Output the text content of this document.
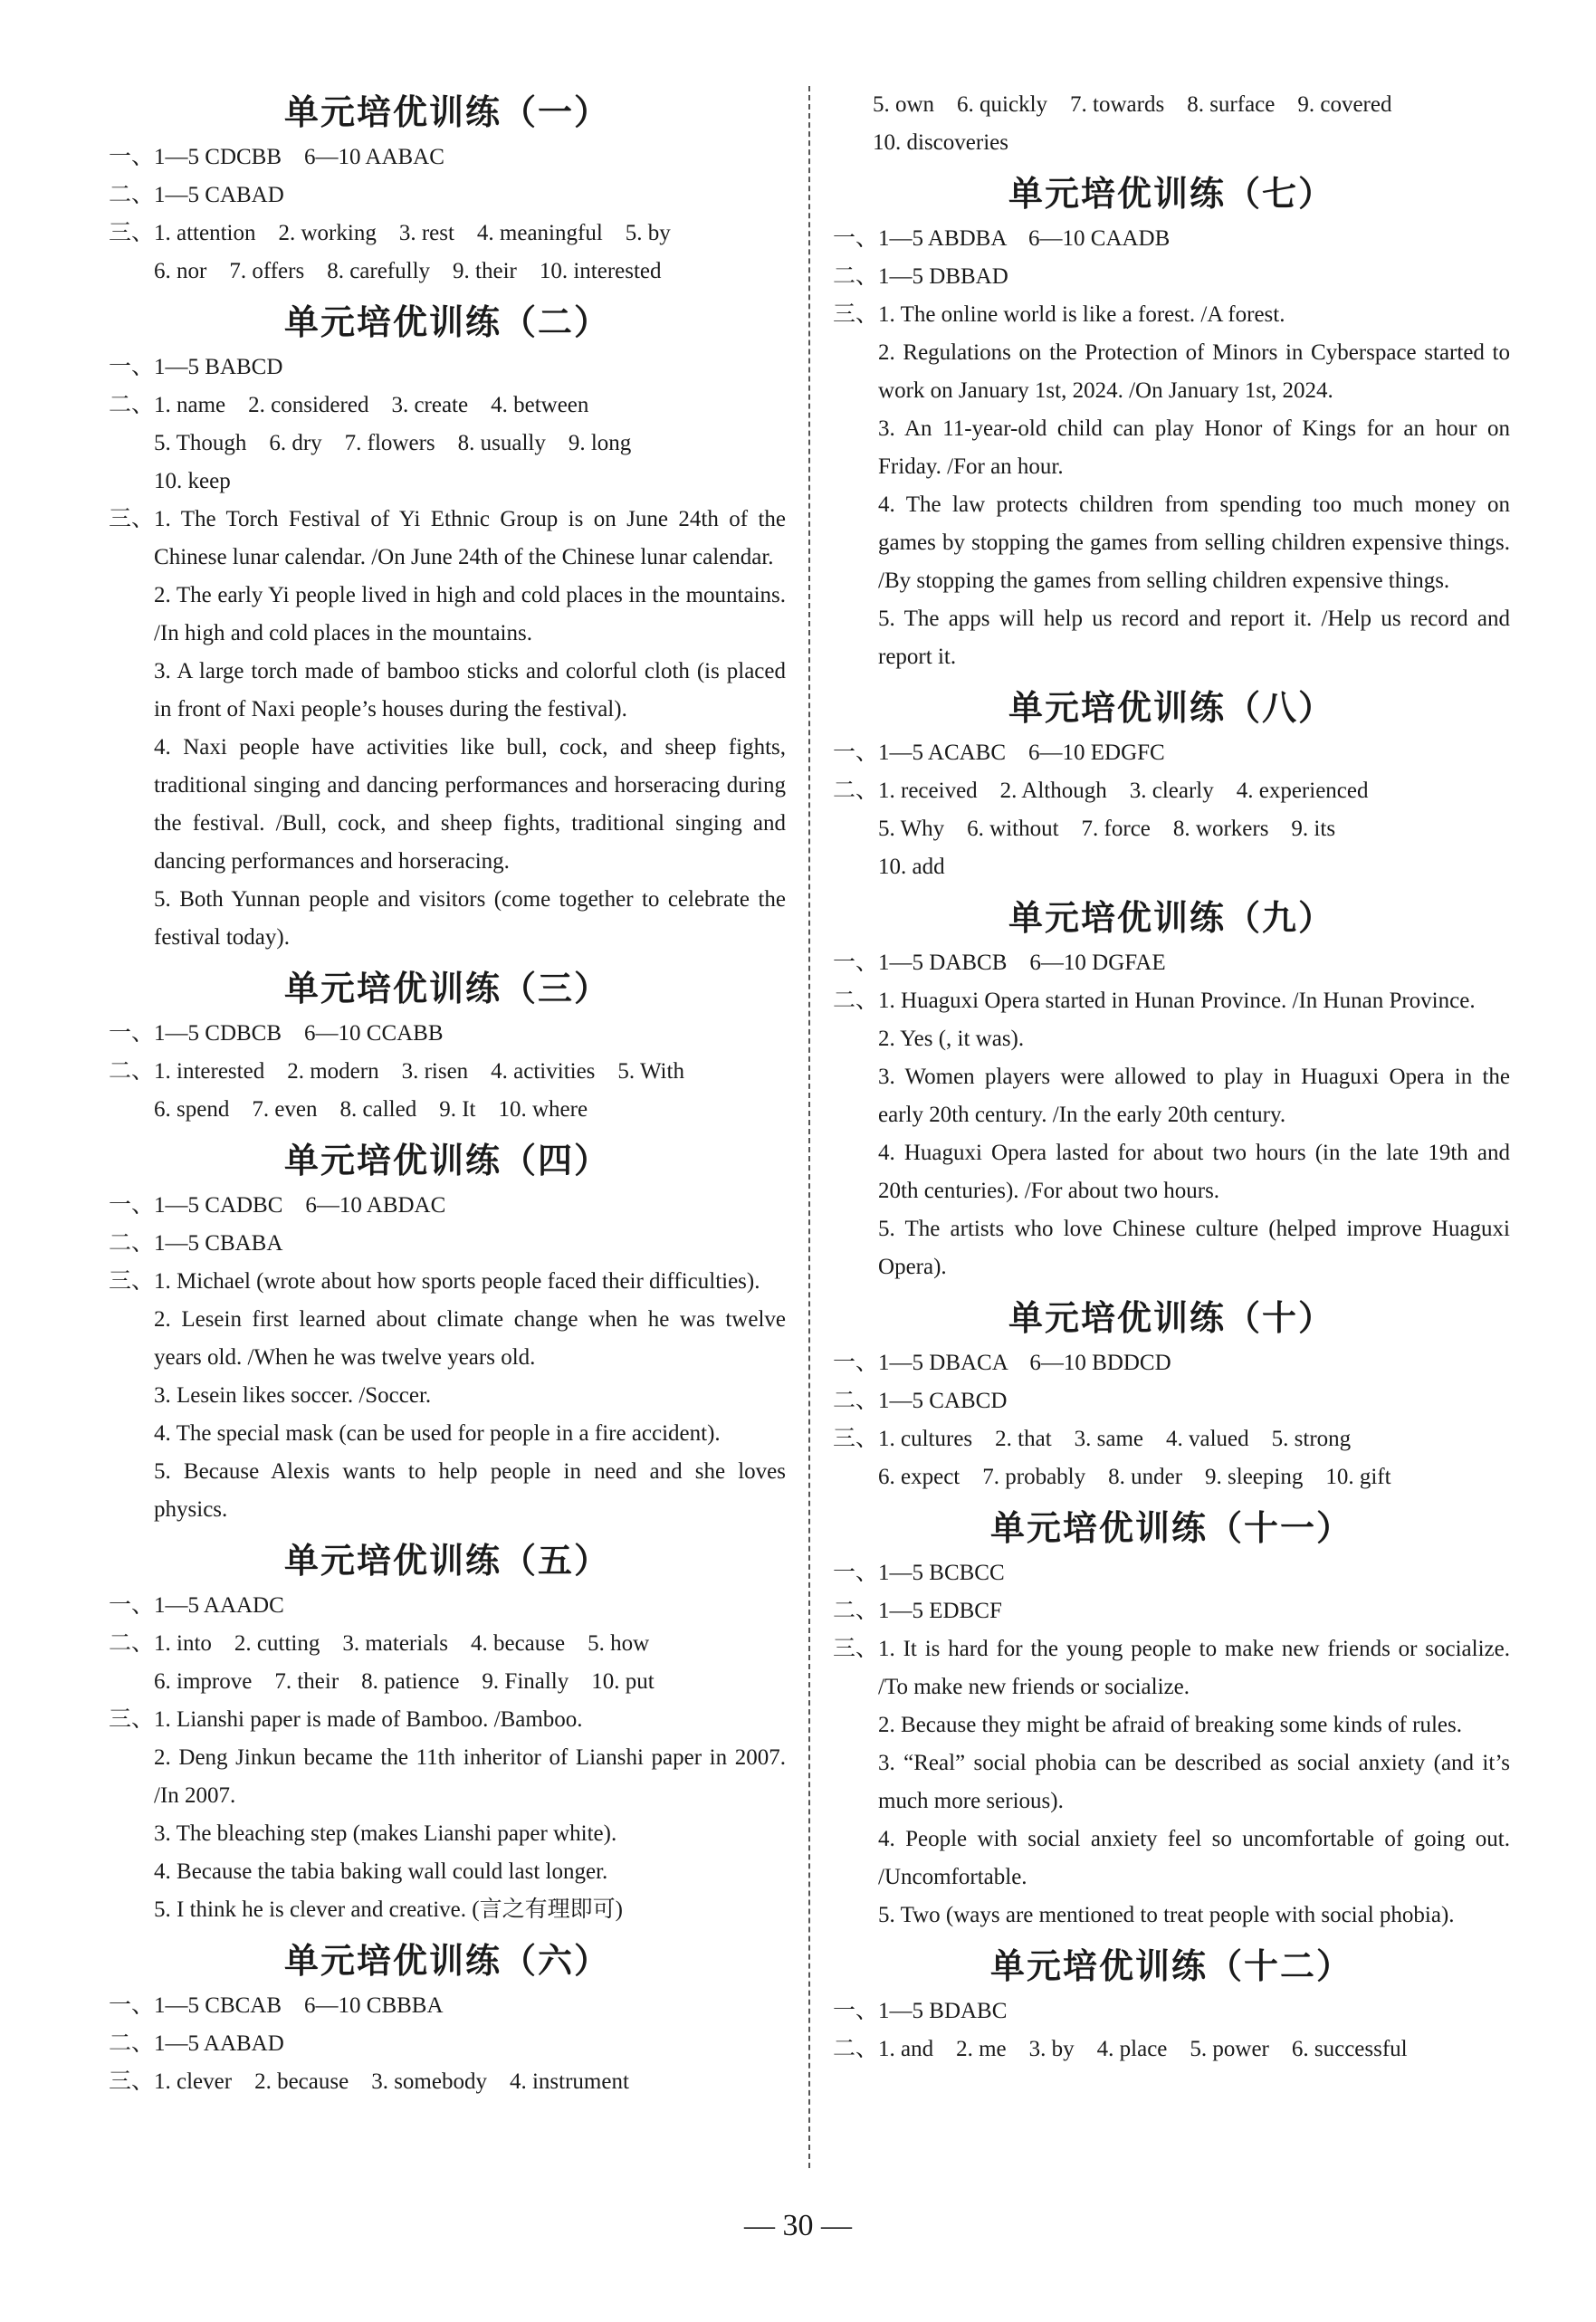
单元培优训练（一）
一、 1—5 CDCBB　6—10 AABAC
二、 1—5 CABAD
三、 1. attention　2. working　3. rest　4. meaningful　5. by
6. nor　7. offers　8. carefully　9. their　10. interested
单元培优训练（二）
一、 1—5 BABCD
二、 1. name　2. considered　3. create　4. between
5. Though　6. dry　7. flowers　8. usually　9. long
10. keep
三、 1. The Torch Festival of Yi Ethnic Group is on June 24th of the Chinese lunar calendar. /On June 24th of the Chinese lunar calendar.
2. The early Yi people lived in high and cold places in the mountains. /In high and cold places in the mountains.
3. A large torch made of bamboo sticks and colorful cloth (is placed in front of Naxi people’s houses during the festival).
4. Naxi people have activities like bull, cock, and sheep fights, traditional singing and dancing performances and horseracing during the festival. /Bull, cock, and sheep fights, traditional singing and dancing performances and horseracing.
5. Both Yunnan people and visitors (come together to celebrate the festival today).
单元培优训练（三）
一、 1—5 CDBCB　6—10 CCABB
二、 1. interested　2. modern　3. risen　4. activities　5. With
6. spend　7. even　8. called　9. It　10. where
单元培优训练（四）
一、 1—5 CADBC　6—10 ABDAC
二、 1—5 CBABA
三、 1. Michael (wrote about how sports people faced their difficulties).
2. Lesein first learned about climate change when he was twelve years old. /When he was twelve years old.
3. Lesein likes soccer. /Soccer.
4. The special mask (can be used for people in a fire accident).
5. Because Alexis wants to help people in need and she loves physics.
单元培优训练（五）
一、 1—5 AAADC
二、 1. into　2. cutting　3. materials　4. because　5. how
6. improve　7. their　8. patience　9. Finally　10. put
三、 1. Lianshi paper is made of Bamboo. /Bamboo.
2. Deng Jinkun became the 11th inheritor of Lianshi paper in 2007. /In 2007.
3. The bleaching step (makes Lianshi paper white).
4. Because the tabia baking wall could last longer.
5. I think he is clever and creative. (言之有理即可)
单元培优训练（六）
一、 1—5 CBCAB　6—10 CBBBA
二、 1—5 AABAD
三、 1. clever　2. because　3. somebody　4. instrument
5. own　6. quickly　7. towards　8. surface　9. covered
10. discoveries
单元培优训练（七）
一、 1—5 ABDBA　6—10 CAADB
二、 1—5 DBBAD
三、 1. The online world is like a forest. /A forest.
2. Regulations on the Protection of Minors in Cyberspace started to work on January 1st, 2024. /On January 1st, 2024.
3. An 11-year-old child can play Honor of Kings for an hour on Friday. /For an hour.
4. The law protects children from spending too much money on games by stopping the games from selling children expensive things. /By stopping the games from selling children expensive things.
5. The apps will help us record and report it. /Help us record and report it.
单元培优训练（八）
一、 1—5 ACABC　6—10 EDGFC
二、 1. received　2. Although　3. clearly　4. experienced
5. Why　6. without　7. force　8. workers　9. its
10. add
单元培优训练（九）
一、 1—5 DABCB　6—10 DGFAE
二、 1. Huaguxi Opera started in Hunan Province. /In Hunan Province.
2. Yes (, it was).
3. Women players were allowed to play in Huaguxi Opera in the early 20th century. /In the early 20th century.
4. Huaguxi Opera lasted for about two hours (in the late 19th and 20th centuries). /For about two hours.
5. The artists who love Chinese culture (helped improve Huaguxi Opera).
单元培优训练（十）
一、 1—5 DBACA　6—10 BDDCD
二、 1—5 CABCD
三、 1. cultures　2. that　3. same　4. valued　5. strong
6. expect　7. probably　8. under　9. sleeping　10. gift
单元培优训练（十一）
一、 1—5 BCBCC
二、 1—5 EDBCF
三、 1. It is hard for the young people to make new friends or socialize. /To make new friends or socialize.
2. Because they might be afraid of breaking some kinds of rules.
3. “Real” social phobia can be described as social anxiety (and it’s much more serious).
4. People with social anxiety feel so uncomfortable of going out. /Uncomfortable.
5. Two (ways are mentioned to treat people with social phobia).
单元培优训练（十二）
一、 1—5 BDABC
二、 1. and　2. me　3. by　4. place　5. power　6. successful
— 30 —
